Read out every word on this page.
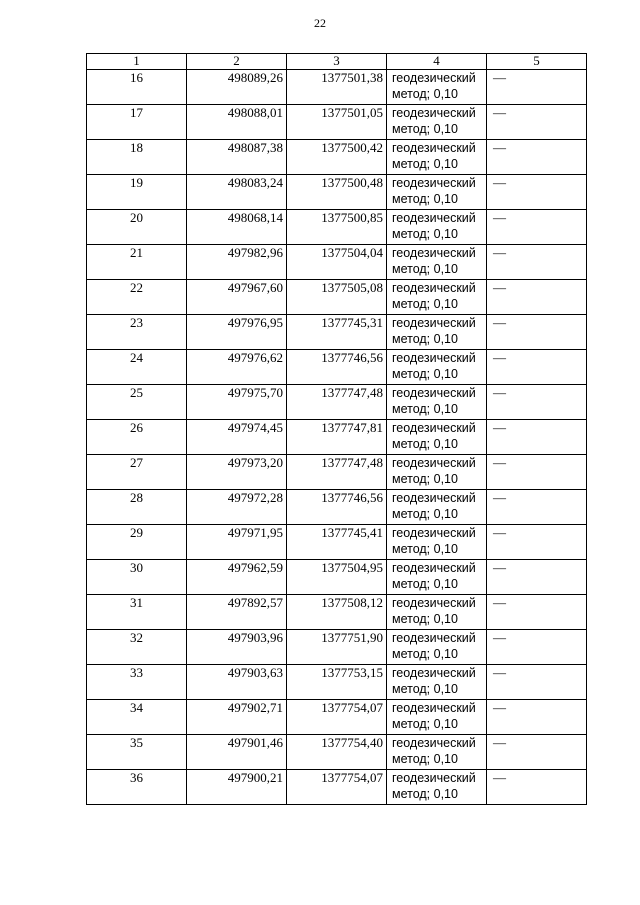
22
1	2	3	4	5

16	498089,26	1377501,38	геодезический
метод; 0,10	—

17	498088,01	1377501,05	геодезический
метод; 0,10	—

18	498087,38	1377500,42	геодезический
метод; 0,10	—

19	498083,24	1377500,48	геодезический
метод; 0,10	—

20	498068,14	1377500,85	геодезический
метод; 0,10	—

21	497982,96	1377504,04	геодезический
метод; 0,10	—

22	497967,60	1377505,08	геодезический
метод; 0,10	—

23	497976,95	1377745,31	геодезический
метод; 0,10	—

24	497976,62	1377746,56	геодезический
метод; 0,10	—

25	497975,70	1377747,48	геодезический
метод; 0,10	—

26	497974,45	1377747,81	геодезический
метод; 0,10	—

27	497973,20	1377747,48	геодезический
метод; 0,10	—

28	497972,28	1377746,56	геодезический
метод; 0,10	—

29	497971,95	1377745,41	геодезический
метод; 0,10	—

30	497962,59	1377504,95	геодезический
метод; 0,10	—

31	497892,57	1377508,12	геодезический
метод; 0,10	—

32	497903,96	1377751,90	геодезический
метод; 0,10	—

33	497903,63	1377753,15	геодезический
метод; 0,10	—

34	497902,71	1377754,07	геодезический
метод; 0,10	—

35	497901,46	1377754,40	геодезический
метод; 0,10	—

36	497900,21	1377754,07	геодезический
метод; 0,10	—
